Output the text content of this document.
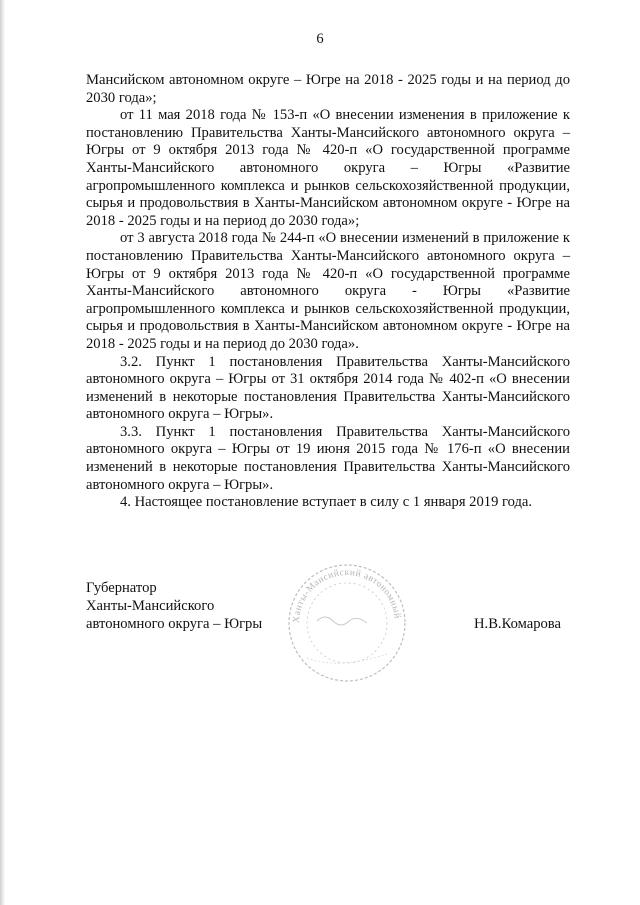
6

Мансийском автономном округе – Югре на 2018 - 2025 годы и на период до 2030 года»;

от 11 мая 2018 года № 153-п «О внесении изменения в приложение к постановлению Правительства Ханты-Мансийского автономного округа – Югры от 9 октября 2013 года № 420-п «О государственной программе Ханты-Мансийского автономного округа – Югры «Развитие агропромышленного комплекса и рынков сельскохозяйственной продукции, сырья и продовольствия в Ханты-Мансийском автономном округе - Югре на 2018 - 2025 годы и на период до 2030 года»;

от 3 августа 2018 года № 244-п «О внесении изменений в приложение к постановлению Правительства Ханты-Мансийского автономного округа – Югры от 9 октября 2013 года № 420-п «О государственной программе Ханты-Мансийского автономного округа - Югры «Развитие агропромышленного комплекса и рынков сельскохозяйственной продукции, сырья и продовольствия в Ханты-Мансийском автономном округе - Югре на 2018 - 2025 годы и на период до 2030 года».

3.2. Пункт 1 постановления Правительства Ханты-Мансийского автономного округа – Югры от 31 октября 2014 года № 402-п «О внесении изменений в некоторые постановления Правительства Ханты-Мансийского автономного округа – Югры».

3.3. Пункт 1 постановления Правительства Ханты-Мансийского автономного округа – Югры от 19 июня 2015 года № 176-п «О внесении изменений в некоторые постановления Правительства Ханты-Мансийского автономного округа – Югры».

4. Настоящее постановление вступает в силу с 1 января 2019 года.

Губернатор
Ханты-Мансийского
автономного округа – Югры	Ханты-Мансийский автономный
Н.В.Комарова
